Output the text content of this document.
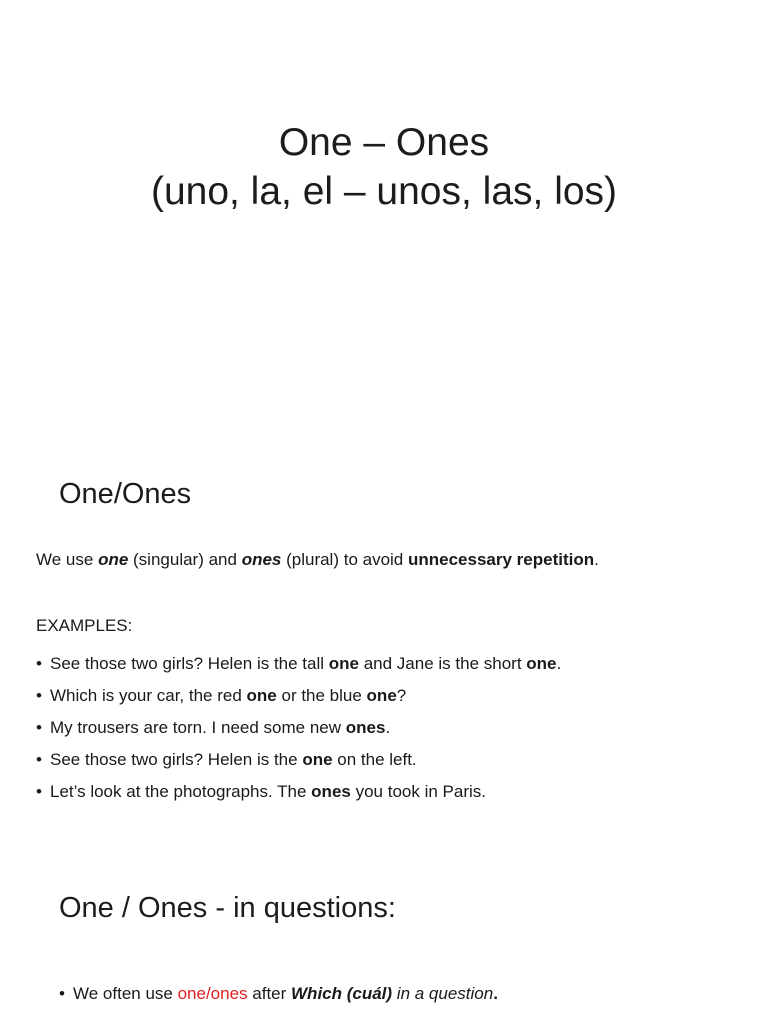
One – Ones
(uno, la, el – unos, las, los)
One/Ones
We use one (singular) and ones (plural) to avoid unnecessary repetition.
EXAMPLES:
• See those two girls? Helen is the tall one and Jane is the short one.
• Which is your car, the red one or the blue one?
• My trousers are torn. I need some new ones.
• See those two girls? Helen is the one on the left.
• Let’s look at the photographs. The ones you took in Paris.
One / Ones - in questions:
• We often use one/ones after Which (cuál) in a question.
